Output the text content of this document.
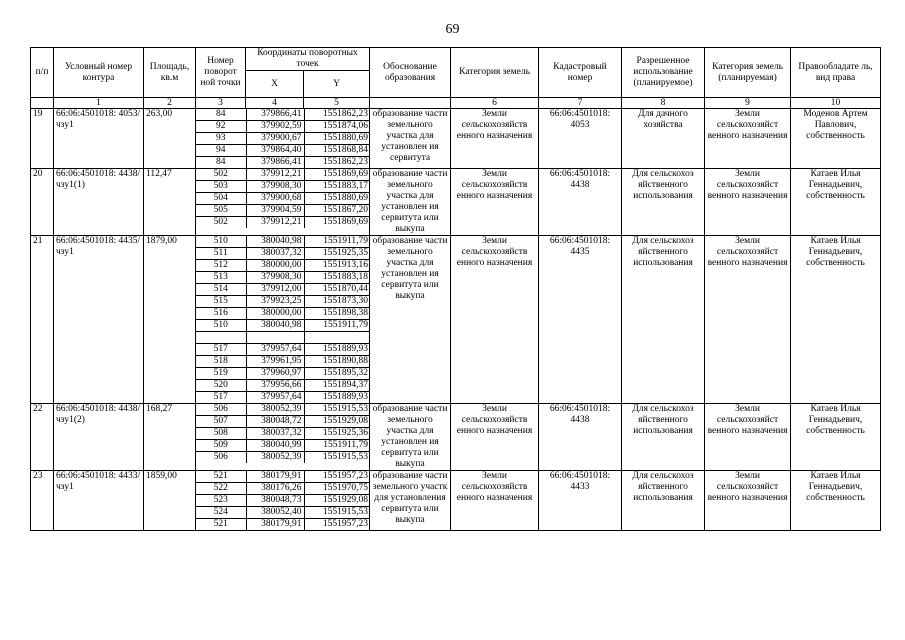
69
п/п	Условный номер контура	Площадь, кв.м	Номер поворот ной точки	Координаты поворотных точек	Обоснование образования	Категория земель	Кадастровый номер	Разрешенное использование (планируемое)	Категория земель (планируемая)	Правообладате ль, вид права
X	Y
	1	2	3	4	5		6	7	8	9	10
19	66:06:4501018: 4053/чзу1	263,00		84	379866,41	1551862,23
92	379902,59	1551874,06
93	379900,67	1551880,69
94	379864,40	1551868,84
84	379866,41	1551862,23
	образование части земельного участка для установлен ия сервитута	Земли сельскохозяйств енного назначения	66:06:4501018: 4053	Для дачного хозяйства	Земли сельскохозяйст венного назначения	Моденов Артем Павлович, собственность
20	66:06:4501018: 4438/чзу1(1)	112,47		502	379912,21	1551869,69
503	379908,30	1551883,17
504	379900,68	1551880,69
505	379904,59	1551867,20
502	379912,21	1551869,69
	образование части земельного участка для установлен ия сервитута или выкупа	Земли сельскохозяйств енного назначения	66:06:4501018: 4438	Для сельскохоз яйственного использования	Земли сельскохозяйст венного назначения	Катаев Илья Геннадьевич, собственность
21	66:06:4501018: 4435/чзу1	1879,00		510	380040,98	1551911,79
511	380037,32	1551925,35
512	380000,00	1551913,16
513	379908,30	1551883,18
514	379912,00	1551870,44
515	379923,25	1551873,30
516	380000,00	1551898,38
510	380040,98	1551911,79

517	379957,64	1551889,93
518	379961,95	1551890,88
519	379960,97	1551895,32
520	379956,66	1551894,37
517	379957,64	1551889,93
	образование части земельного участка для установлен ия сервитута или выкупа	Земли сельскохозяйств енного назначения	66:06:4501018: 4435	Для сельскохоз яйственного использования	Земли сельскохозяйст венного назначения	Катаев Илья Геннадьевич, собственность
22	66:06:4501018: 4438/чзу1(2)	168,27		506	380052,39	1551915,53
507	380048,72	1551929,08
508	380037,32	1551925,36
509	380040,99	1551911,79
506	380052,39	1551915,53
	образование части земельного участка для установлен ия сервитута или выкупа	Земли сельскохозяйств енного назначения	66:06:4501018: 4438	Для сельскохоз яйственного использования	Земли сельскохозяйст венного назначения	Катаев Илья Геннадьевич, собственность
23	66:06:4501018: 4433/чзу1	1859,00		521	380179,91	1551957,23
522	380176,26	1551970,75
523	380048,73	1551929,08
524	380052,40	1551915,53
521	380179,91	1551957,23
	образование части земельного участк для установления сервитута или выкупа	Земли сельскохозяйств енного назначения	66:06:4501018: 4433	Для сельскохоз яйственного использования	Земли сельскохозяйст венного назначения	Катаев Илья Геннадьевич, собственность
